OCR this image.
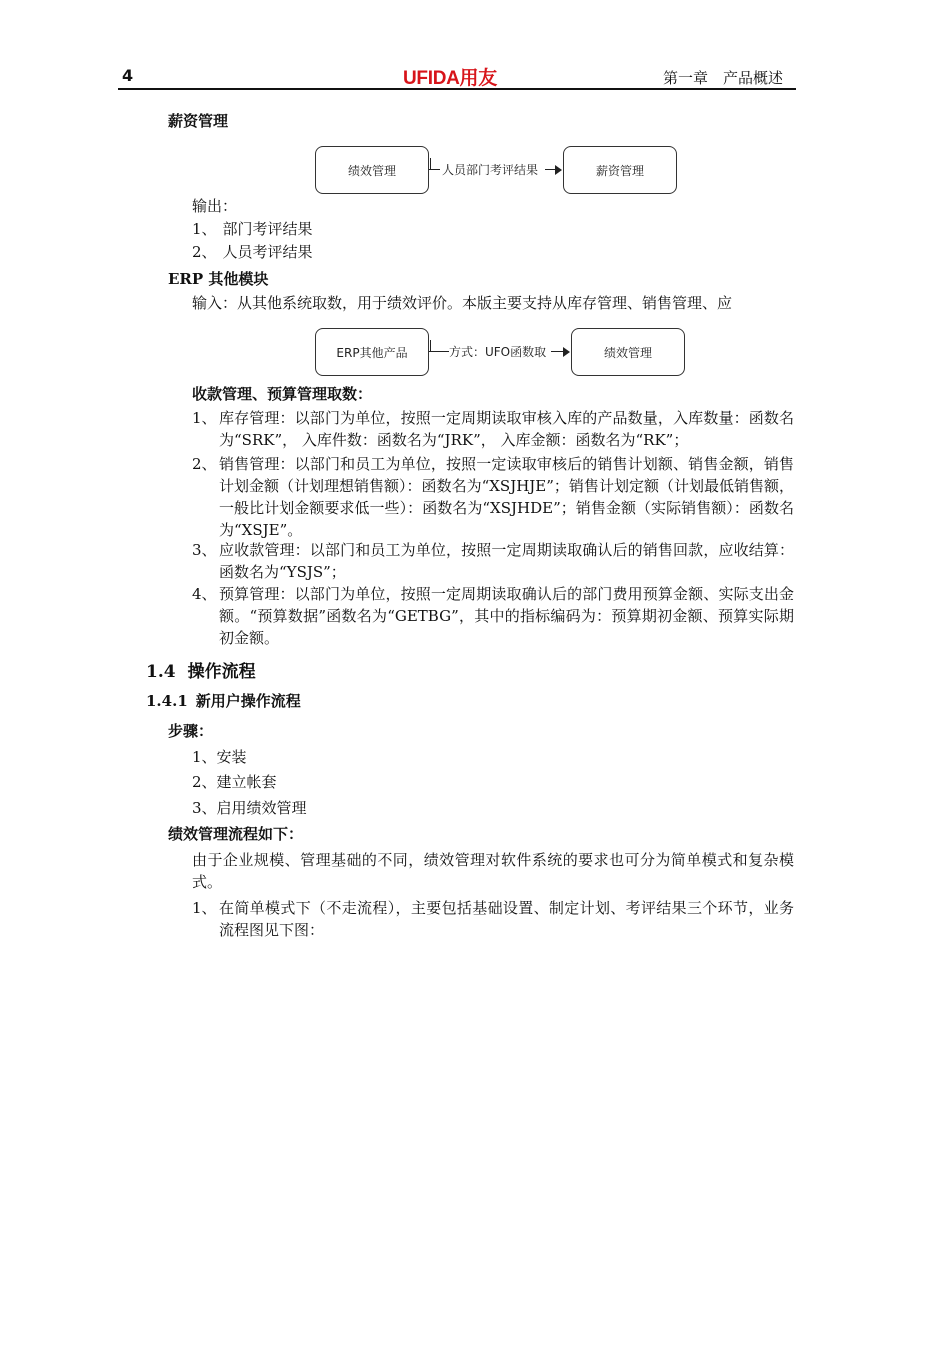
4	UFIDA用友	第一章　产品概述
薪资管理
绩效管理	人员部门考评结果	薪资管理
输出：
1、 部门考评结果
2、 人员考评结果
ERP 其他模块
输入：从其他系统取数，用于绩效评价。本版主要支持从库存管理、销售管理、应
ERP其他产品	方式：UFO函数取	绩效管理
收款管理、预算管理取数：
1、 库存管理：以部门为单位，按照一定周期读取审核入库的产品数量，入库数量：函数名为“SRK”， 入库件数：函数名为“JRK”， 入库金额：函数名为“RK”；
2、 销售管理：以部门和员工为单位，按照一定读取审核后的销售计划额、销售金额，销售计划金额（计划理想销售额）：函数名为“XSJHJE”；销售计划定额（计划最低销售额，一般比计划金额要求低一些）：函数名为“XSJHDE”；销售金额（实际销售额）：函数名为“XSJE”。
3、 应收款管理：以部门和员工为单位，按照一定周期读取确认后的销售回款，应收结算：函数名为“YSJS”；
4、 预算管理：以部门为单位，按照一定周期读取确认后的部门费用预算金额、实际支出金额。“预算数据”函数名为“GETBG”，其中的指标编码为：预算期初金额、预算实际期初金额。
1.4 操作流程
1.4.1 新用户操作流程
步骤：
1、安装
2、建立帐套
3、启用绩效管理
绩效管理流程如下：
由于企业规模、管理基础的不同，绩效管理对软件系统的要求也可分为简单模式和复杂模式。
1、 在简单模式下（不走流程），主要包括基础设置、制定计划、考评结果三个环节，业务流程图见下图：
